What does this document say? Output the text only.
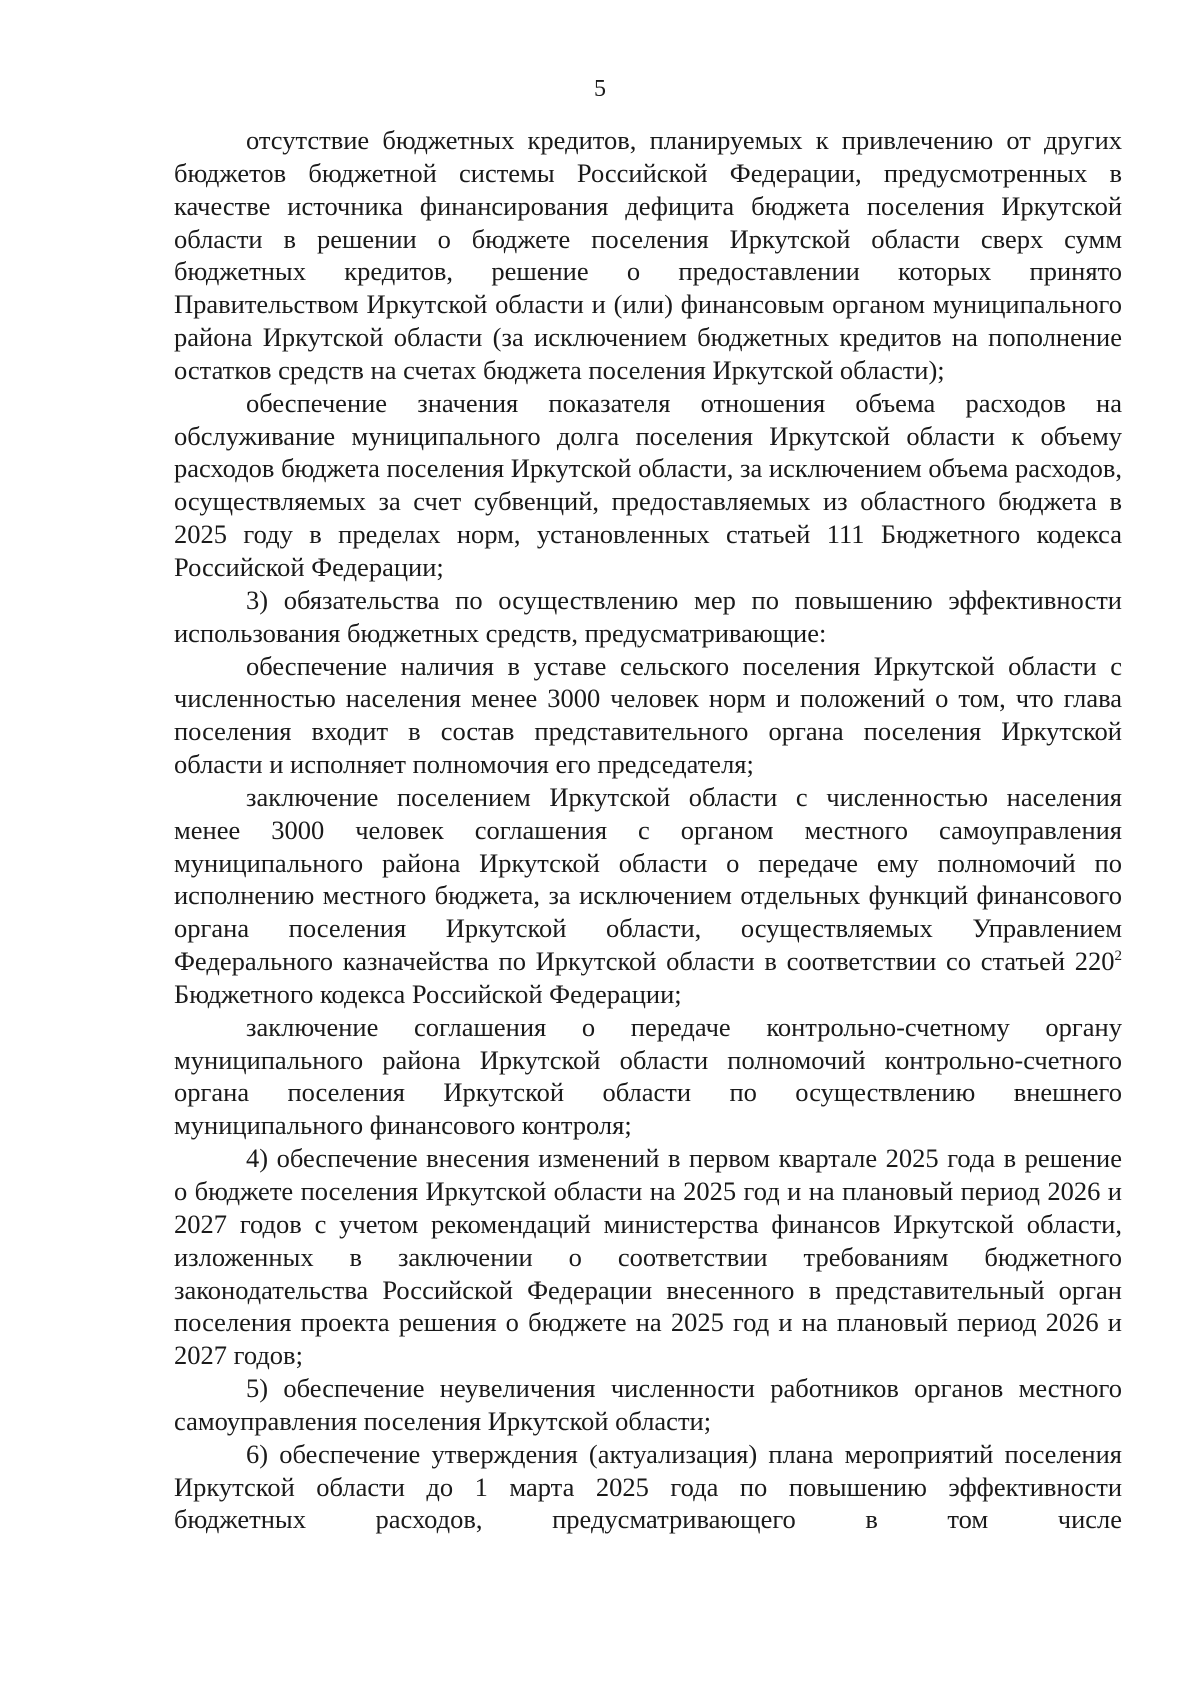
5

отсутствие бюджетных кредитов, планируемых к привлечению от других бюджетов бюджетной системы Российской Федерации, предусмотренных в качестве источника финансирования дефицита бюджета поселения Иркутской области в решении о бюджете поселения Иркутской области сверх сумм бюджетных кредитов, решение о предоставлении которых принято Правительством Иркутской области и (или) финансовым органом муниципального района Иркутской области (за исключением бюджетных кредитов на пополнение остатков средств на счетах бюджета поселения Иркутской области);

обеспечение значения показателя отношения объема расходов на обслуживание муниципального долга поселения Иркутской области к объему расходов бюджета поселения Иркутской области, за исключением объема расходов, осуществляемых за счет субвенций, предоставляемых из областного бюджета в 2025 году в пределах норм, установленных статьей 111 Бюджетного кодекса Российской Федерации;

3) обязательства по осуществлению мер по повышению эффективности использования бюджетных средств, предусматривающие:

обеспечение наличия в уставе сельского поселения Иркутской области с численностью населения менее 3000 человек норм и положений о том, что глава поселения входит в состав представительного органа поселения Иркутской области и исполняет полномочия его председателя;

заключение поселением Иркутской области с численностью населения менее 3000 человек соглашения с органом местного самоуправления муниципального района Иркутской области о передаче ему полномочий по исполнению местного бюджета, за исключением отдельных функций финансового органа поселения Иркутской области, осуществляемых Управлением Федерального казначейства по Иркутской области в соответствии со статьей $220^2$ Бюджетного кодекса Российской Федерации;

заключение соглашения о передаче контрольно-счетному органу муниципального района Иркутской области полномочий контрольно-счетного органа поселения Иркутской области по осуществлению внешнего муниципального финансового контроля;

4) обеспечение внесения изменений в первом квартале 2025 года в решение о бюджете поселения Иркутской области на 2025 год и на плановый период 2026 и 2027 годов с учетом рекомендаций министерства финансов Иркутской области, изложенных в заключении о соответствии требованиям бюджетного законодательства Российской Федерации внесенного в представительный орган поселения проекта решения о бюджете на 2025 год и на плановый период 2026 и 2027 годов;

5) обеспечение неувеличения численности работников органов местного самоуправления поселения Иркутской области;

6) обеспечение утверждения (актуализация) плана мероприятий поселения Иркутской области до 1 марта 2025 года по повышению эффективности бюджетных расходов, предусматривающего в том числе
